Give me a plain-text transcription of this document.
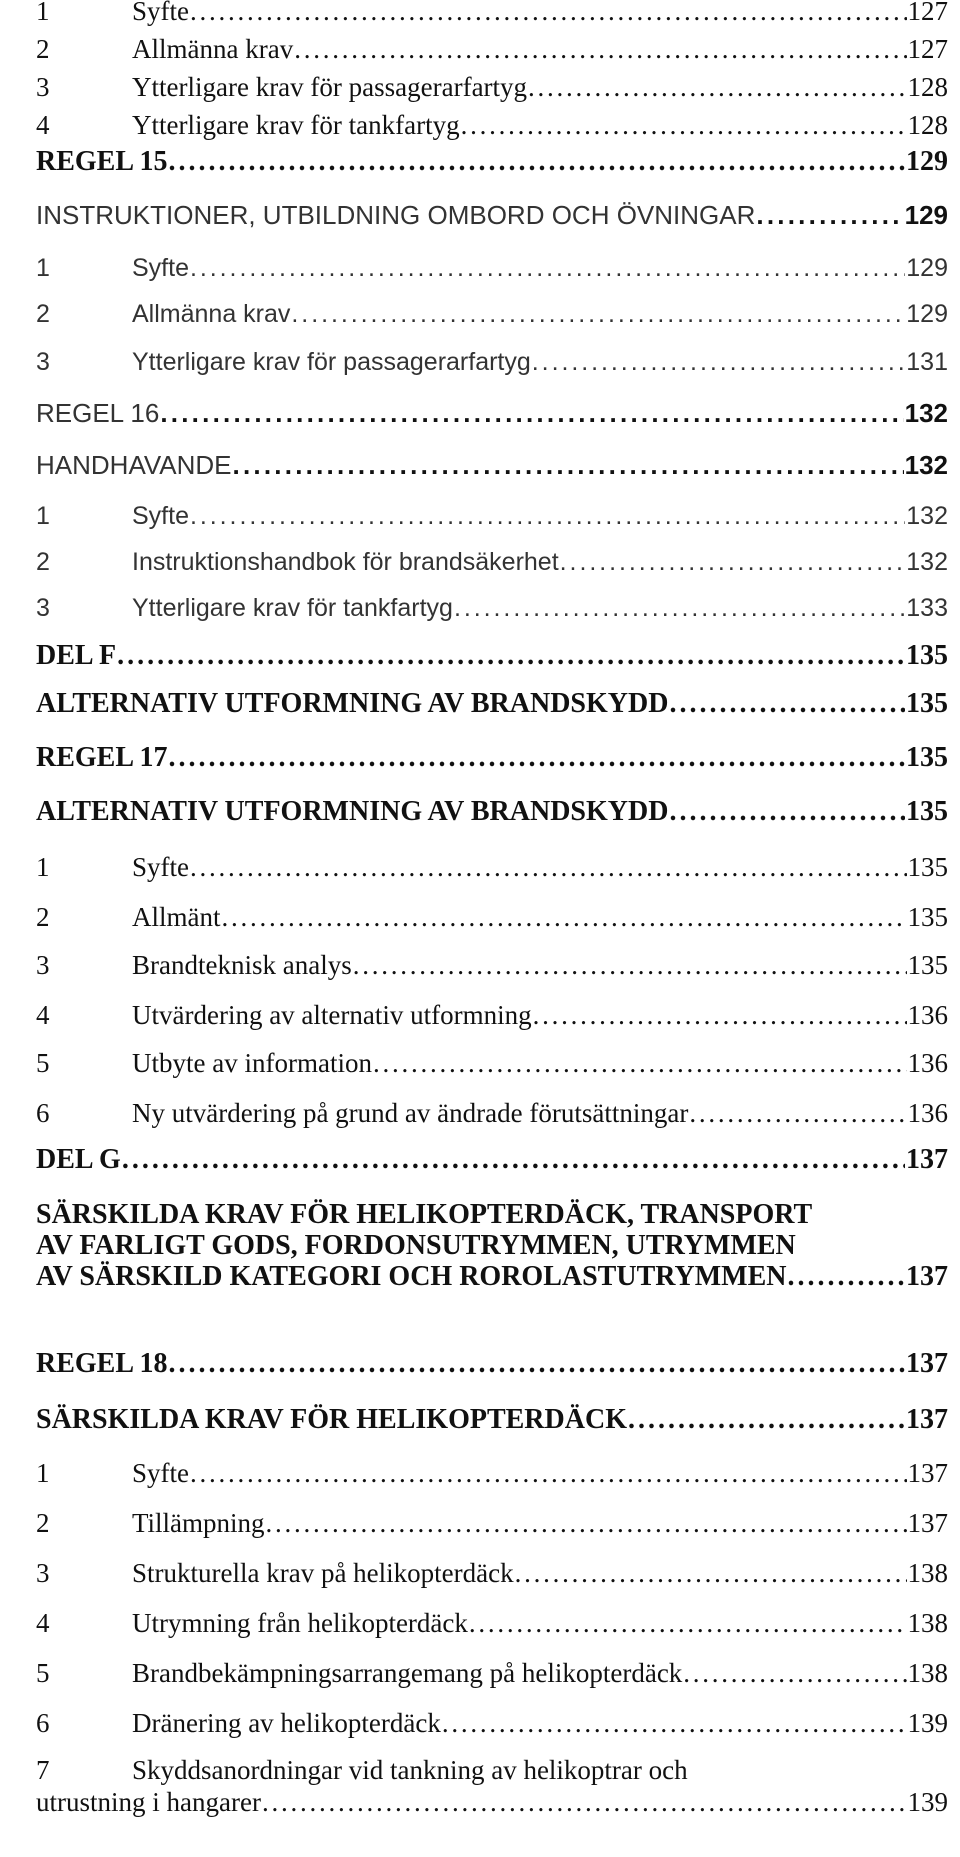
1	Syfte . . .	127
2	Allmänna krav . . .	127
3	Ytterligare krav för passagerarfartyg . . .	128
4	Ytterligare krav för tankfartyg . . .	128
REGEL 15 . . .	129
INSTRUKTIONER, UTBILDNING OMBORD OCH ÖVNINGAR . . .	129
1	Syfte . . .	129
2	Allmänna krav . . .	129
3	Ytterligare krav för passagerarfartyg . . .	131
REGEL 16 . . .	132
HANDHAVANDE . . .	132
1	Syfte . . .	132
2	Instruktionshandbok för brandsäkerhet . . .	132
3	Ytterligare krav för tankfartyg . . .	133
DEL F . . .	135
ALTERNATIV UTFORMNING AV BRANDSKYDD . . .	135
REGEL 17 . . .	135
ALTERNATIV UTFORMNING AV BRANDSKYDD . . .	135
1	Syfte . . .	135
2	Allmänt . . .	135
3	Brandteknisk analys . . .	135
4	Utvärdering av alternativ utformning . . .	136
5	Utbyte av information . . .	136
6	Ny utvärdering på grund av ändrade förutsättningar . . .	136
DEL G . . .	137
SÄRSKILDA KRAV FÖR HELIKOPTERDÄCK, TRANSPORT
AV FARLIGT GODS, FORDONSUTRYMMEN, UTRYMMEN
AV SÄRSKILD KATEGORI OCH ROROLASTUTRYMMEN . . .	137
REGEL 18 . . .	137
SÄRSKILDA KRAV FÖR HELIKOPTERDÄCK . . .	137
1	Syfte . . .	137
2	Tillämpning . . .	137
3	Strukturella krav på helikopterdäck . . .	138
4	Utrymning från helikopterdäck . . .	138
5	Brandbekämpningsarrangemang på helikopterdäck . . .	138
6	Dränering av helikopterdäck . . .	139
7	Skyddsanordningar vid tankning av helikoptrar och
utrustning i hangarer . . .	139
